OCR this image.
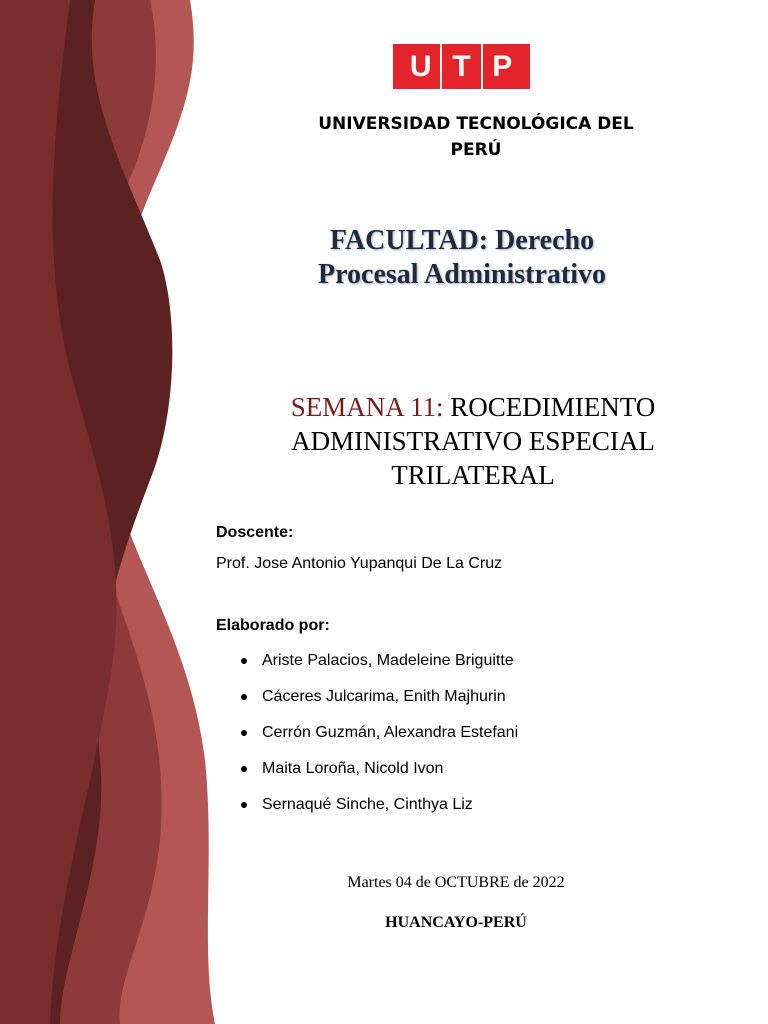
U T P
UNIVERSIDAD TECNOLÓGICA DEL
PERÚ
FACULTAD: Derecho
Procesal Administrativo
SEMANA 11: ROCEDIMIENTO
ADMINISTRATIVO ESPECIAL
TRILATERAL
Doscente:
Prof. Jose Antonio Yupanqui De La Cruz
Elaborado por:
Ariste Palacios, Madeleine Briguitte
Cáceres Julcarima, Enith Majhurin
Cerrón Guzmán, Alexandra Estefani
Maita Loroña, Nicold Ivon
Sernaqué Sinche, Cinthya Liz
Martes 04 de OCTUBRE de 2022
HUANCAYO-PERÚ
